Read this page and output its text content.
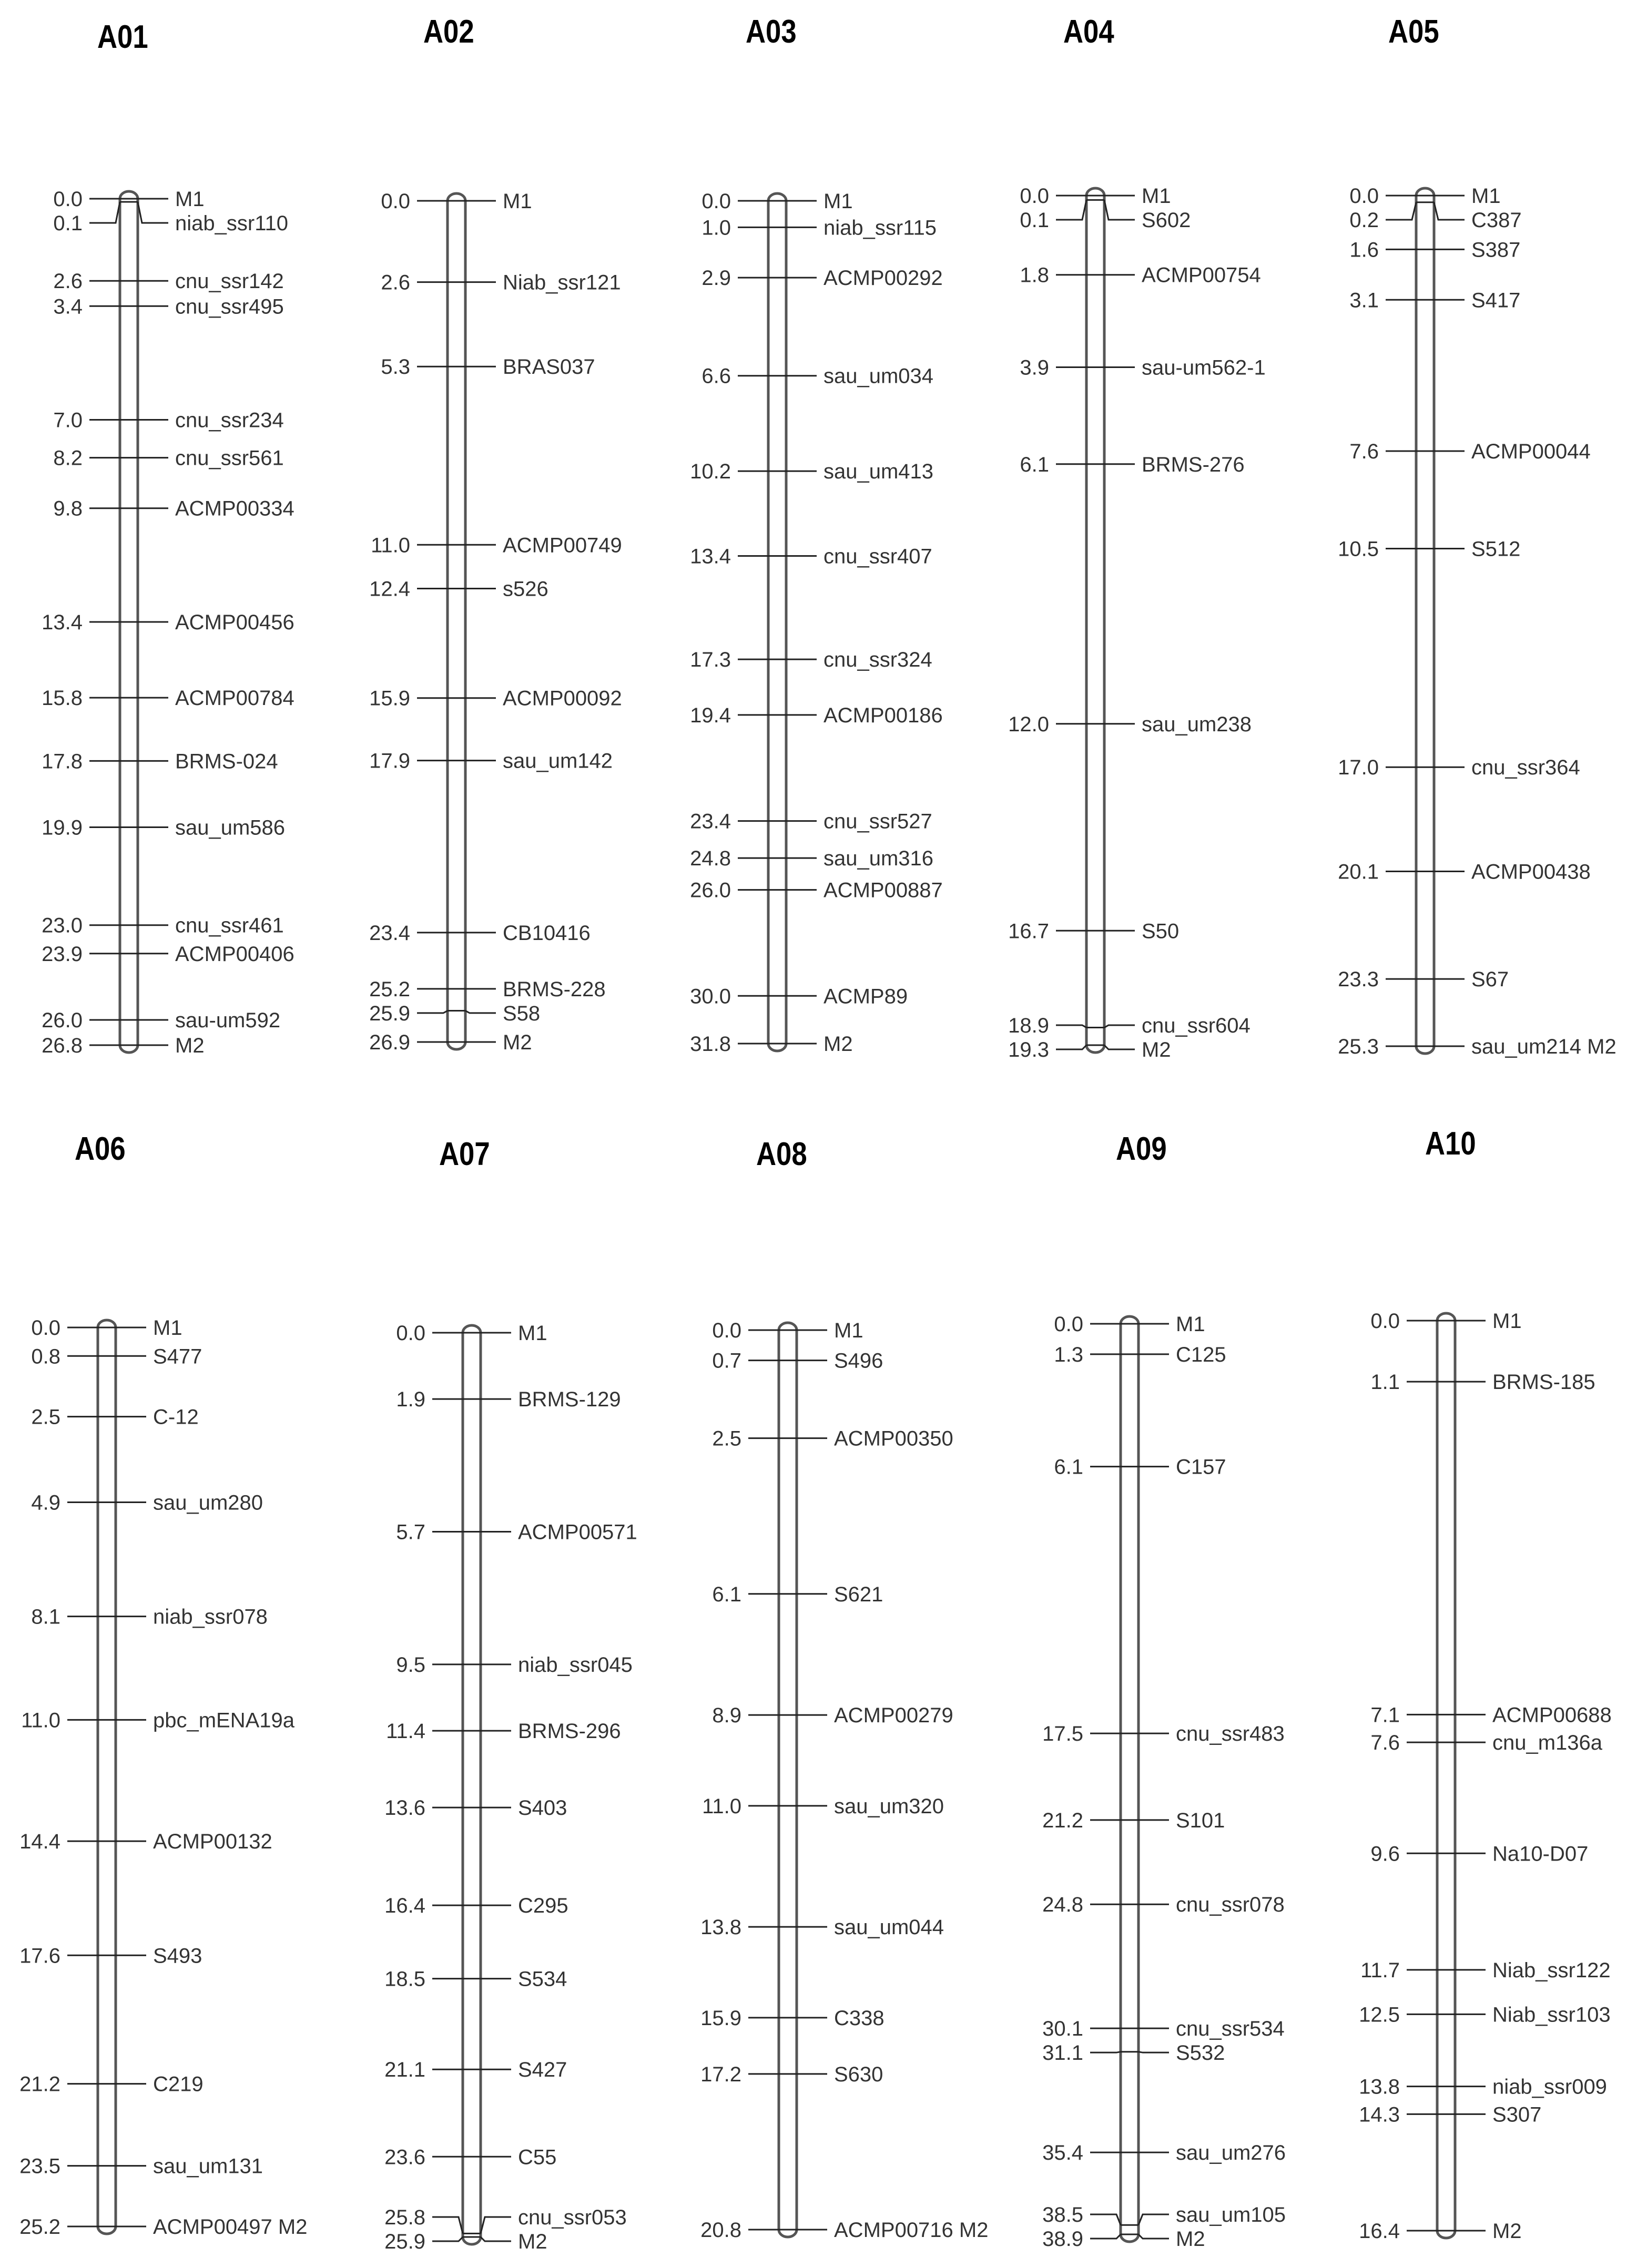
A01
0.0	M1
0.1	niab_ssr110
2.6	cnu_ssr142
3.4	cnu_ssr495
7.0	cnu_ssr234
8.2	cnu_ssr561
9.8	ACMP00334
13.4	ACMP00456
15.8	ACMP00784
17.8	BRMS-024
19.9	sau_um586
23.0	cnu_ssr461
23.9	ACMP00406
26.0	sau-um592
26.8	M2
A02
0.0	M1
2.6	Niab_ssr121
5.3	BRAS037
11.0	ACMP00749
12.4	s526
15.9	ACMP00092
17.9	sau_um142
23.4	CB10416
25.2	BRMS-228
25.9	S58
26.9	M2
A03
0.0	M1
1.0	niab_ssr115
2.9	ACMP00292
6.6	sau_um034
10.2	sau_um413
13.4	cnu_ssr407
17.3	cnu_ssr324
19.4	ACMP00186
23.4	cnu_ssr527
24.8	sau_um316
26.0	ACMP00887
30.0	ACMP89
31.8	M2
A04
0.0	M1
0.1	S602
1.8	ACMP00754
3.9	sau-um562-1
6.1	BRMS-276
12.0	sau_um238
16.7	S50
18.9	cnu_ssr604
19.3	M2
A05
0.0	M1
0.2	C387
1.6	S387
3.1	S417
7.6	ACMP00044
10.5	S512
17.0	cnu_ssr364
20.1	ACMP00438
23.3	S67
25.3	sau_um214 M2
A06
0.0	M1
0.8	S477
2.5	C-12
4.9	sau_um280
8.1	niab_ssr078
11.0	pbc_mENA19a
14.4	ACMP00132
17.6	S493
21.2	C219
23.5	sau_um131
25.2	ACMP00497 M2
A07
0.0	M1
1.9	BRMS-129
5.7	ACMP00571
9.5	niab_ssr045
11.4	BRMS-296
13.6	S403
16.4	C295
18.5	S534
21.1	S427
23.6	C55
25.8	cnu_ssr053
25.9	M2
A08
0.0	M1
0.7	S496
2.5	ACMP00350
6.1	S621
8.9	ACMP00279
11.0	sau_um320
13.8	sau_um044
15.9	C338
17.2	S630
20.8	ACMP00716 M2
A09
0.0	M1
1.3	C125
6.1	C157
17.5	cnu_ssr483
21.2	S101
24.8	cnu_ssr078
30.1	cnu_ssr534
31.1	S532
35.4	sau_um276
38.5	sau_um105
38.9	M2
A10
0.0	M1
1.1	BRMS-185
7.1	ACMP00688
7.6	cnu_m136a
9.6	Na10-D07
11.7	Niab_ssr122
12.5	Niab_ssr103
13.8	niab_ssr009
14.3	S307
16.4	M2
